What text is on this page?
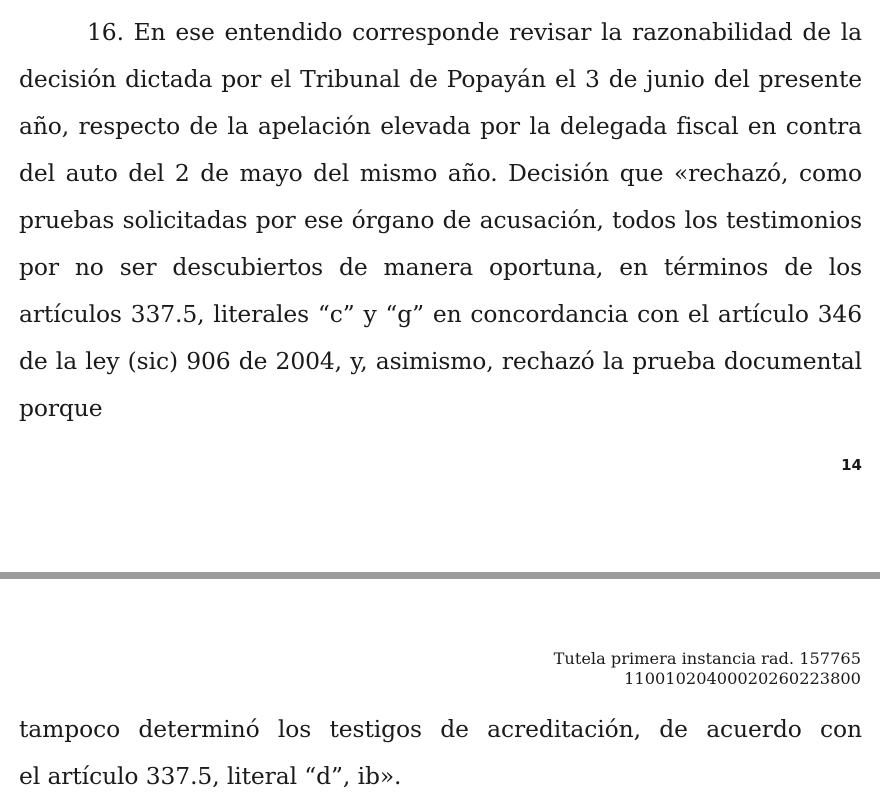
16. En ese entendido corresponde revisar la razonabilidad de la decisión dictada por el Tribunal de Popayán el 3 de junio del presente año, respecto de la apelación elevada por la delegada fiscal en contra del auto del 2 de mayo del mismo año. Decisión que «rechazó, como pruebas solicitadas por ese órgano de acusación, todos los testimonios por no ser descubiertos de manera oportuna, en términos de los artículos 337.5, literales “c” y “g” en concordancia con el artículo 346 de la ley (sic) 906 de 2004, y, asimismo, rechazó la prueba documental porque

14
Tutela primera instancia rad. 157765
11001020400020260223800

tampoco determinó los testigos de acreditación, de acuerdo con
el artículo 337.5, literal “d”, ib».
